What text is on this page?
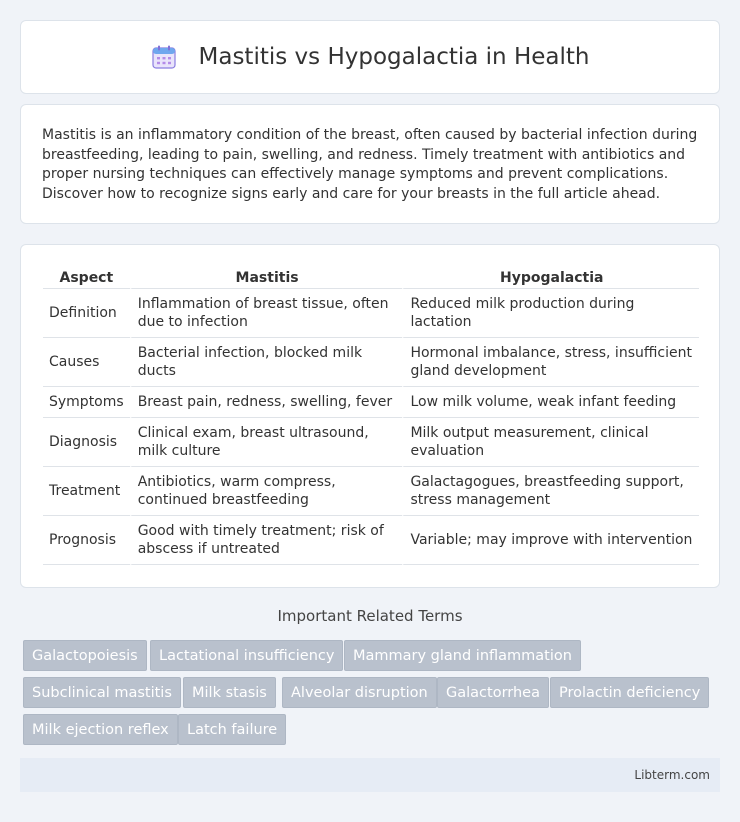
Mastitis vs Hypogalactia in Health

Mastitis is an inflammatory condition of the breast, often caused by bacterial infection during breastfeeding, leading to pain, swelling, and redness. Timely treatment with antibiotics and proper nursing techniques can effectively manage symptoms and prevent complications. Discover how to recognize signs early and care for your breasts in the full article ahead.

Aspect	Mastitis	Hypogalactia
Definition	Inflammation of breast tissue, often due to infection	Reduced milk production during lactation
Causes	Bacterial infection, blocked milk ducts	Hormonal imbalance, stress, insufficient gland development
Symptoms	Breast pain, redness, swelling, fever	Low milk volume, weak infant feeding
Diagnosis	Clinical exam, breast ultrasound, milk culture	Milk output measurement, clinical evaluation
Treatment	Antibiotics, warm compress, continued breastfeeding	Galactagogues, breastfeeding support, stress management
Prognosis	Good with timely treatment; risk of abscess if untreated	Variable; may improve with intervention
Important Related Terms
Galactopoiesis	Lactational insufficiency	Mammary gland inflammation
Subclinical mastitis	Milk stasis	Alveolar disruption	Galactorrhea	Prolactin deficiency
Milk ejection reflex	Latch failure
Libterm.com
